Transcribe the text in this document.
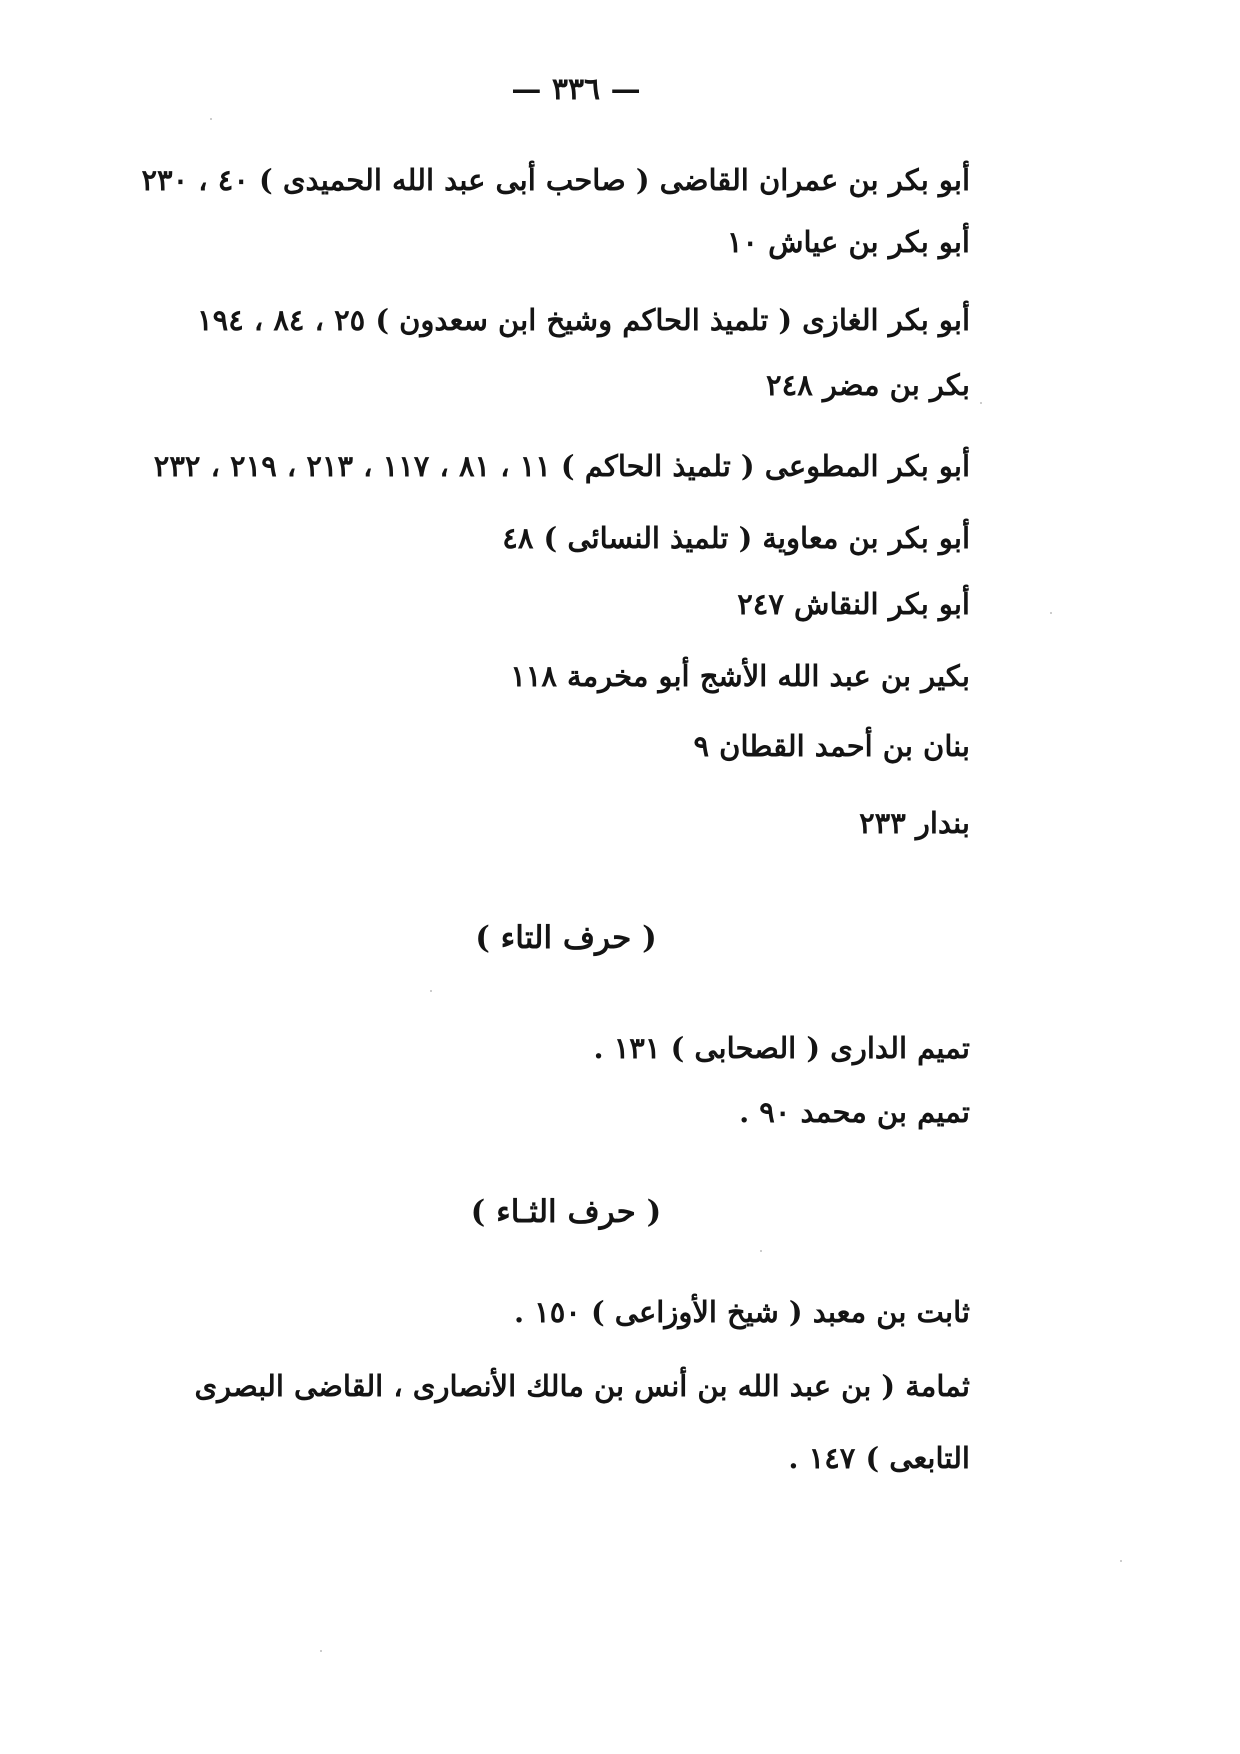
— ٣٣٦ —
أبو بكر بن عمران القاضى ( صاحب أبى عبد الله الحميدى ) ٤٠ ، ٢٣٠
أبو بكر بن عياش ١٠
أبو بكر الغازى ( تلميذ الحاكم وشيخ ابن سعدون ) ٢٥ ، ٨٤ ، ١٩٤
بكر بن مضر ٢٤٨
أبو بكر المطوعى ( تلميذ الحاكم ) ١١ ، ٨١ ، ١١٧ ، ٢١٣ ، ٢١٩ ، ٢٣٢
أبو بكر بن معاوية ( تلميذ النسائى ) ٤٨
أبو بكر النقاش ٢٤٧
بكير بن عبد الله الأشج أبو مخرمة ١١٨
بنان بن أحمد القطان ٩
بندار ٢٣٣
( حرف التاء )
تميم الدارى ( الصحابى ) ١٣١ .
تميم بن محمد ٩٠ .
( حرف الثـاء )
ثابت بن معبد ( شيخ الأوزاعى ) ١٥٠ .
ثمامة ( بن عبد الله بن أنس بن مالك الأنصارى ، القاضى البصرى
التابعى ) ١٤٧ .
